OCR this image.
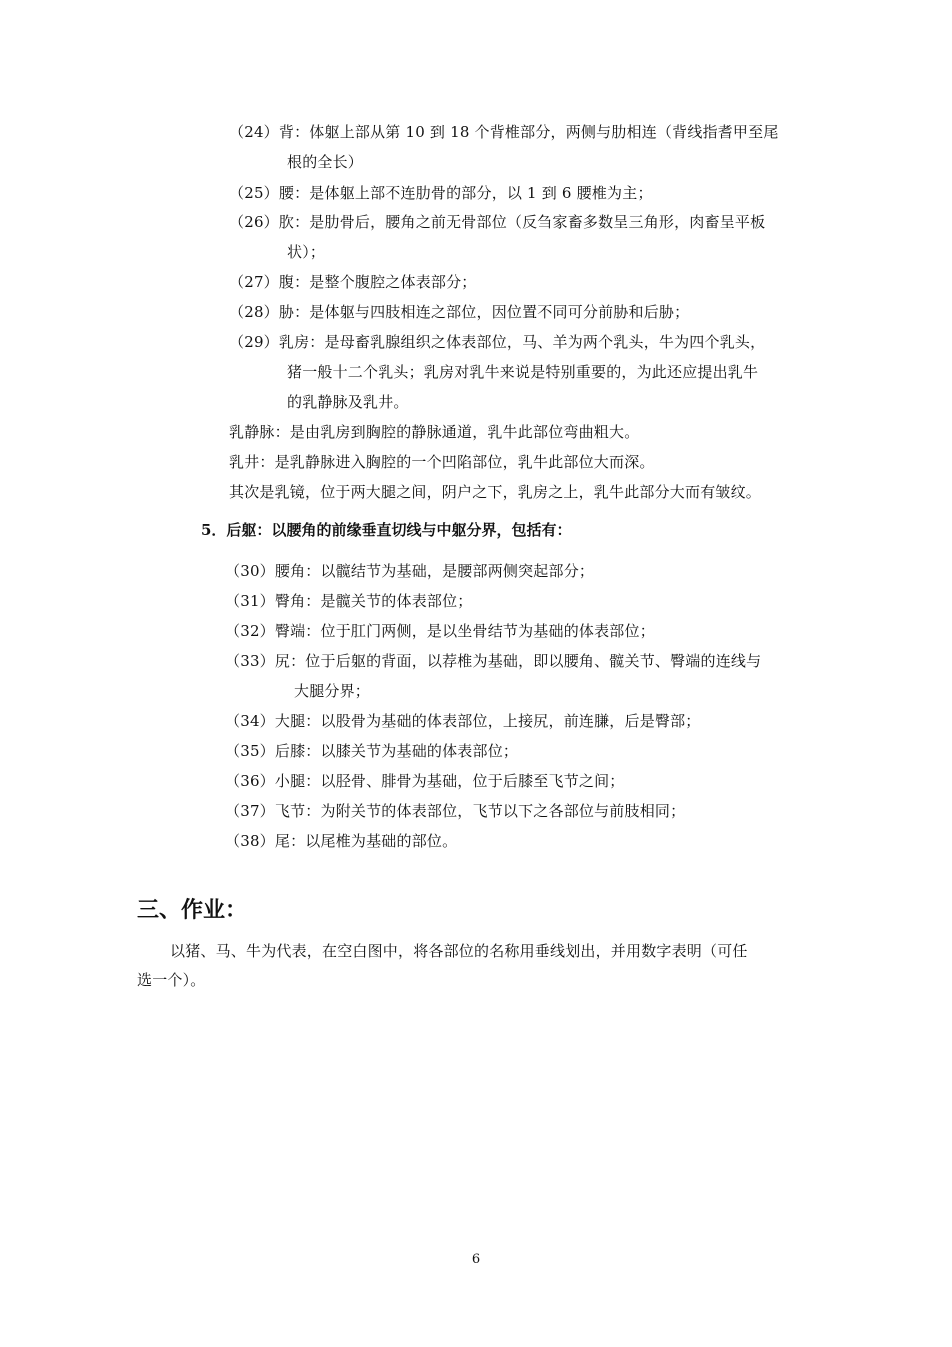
（24）背：体躯上部从第 10 到 18 个背椎部分，两侧与肋相连（背线指耆甲至尾
根的全长）
（25）腰：是体躯上部不连肋骨的部分，以 1 到 6 腰椎为主；
（26）肷：是肋骨后，腰角之前无骨部位（反刍家畜多数呈三角形，肉畜呈平板
状）；
（27）腹：是整个腹腔之体表部分；
（28）胁：是体躯与四肢相连之部位，因位置不同可分前胁和后胁；
（29）乳房：是母畜乳腺组织之体表部位，马、羊为两个乳头，牛为四个乳头，
猪一般十二个乳头；乳房对乳牛来说是特别重要的，为此还应提出乳牛
的乳静脉及乳井。
乳静脉：是由乳房到胸腔的静脉通道，乳牛此部位弯曲粗大。
乳井：是乳静脉进入胸腔的一个凹陷部位，乳牛此部位大而深。
其次是乳镜，位于两大腿之间，阴户之下，乳房之上，乳牛此部分大而有皱纹。
5．后躯：以腰角的前缘垂直切线与中躯分界，包括有：
（30）腰角：以髋结节为基础，是腰部两侧突起部分；
（31）臀角：是髋关节的体表部位；
（32）臀端：位于肛门两侧，是以坐骨结节为基础的体表部位；
（33）尻：位于后躯的背面，以荐椎为基础，即以腰角、髋关节、臀端的连线与
大腿分界；
（34）大腿：以股骨为基础的体表部位，上接尻，前连膁，后是臀部；
（35）后膝：以膝关节为基础的体表部位；
（36）小腿：以胫骨、腓骨为基础，位于后膝至飞节之间；
（37）飞节：为附关节的体表部位，飞节以下之各部位与前肢相同；
（38）尾：以尾椎为基础的部位。
三、作业：
以猪、马、牛为代表，在空白图中，将各部位的名称用垂线划出，并用数字表明（可任
选一个）。
6
